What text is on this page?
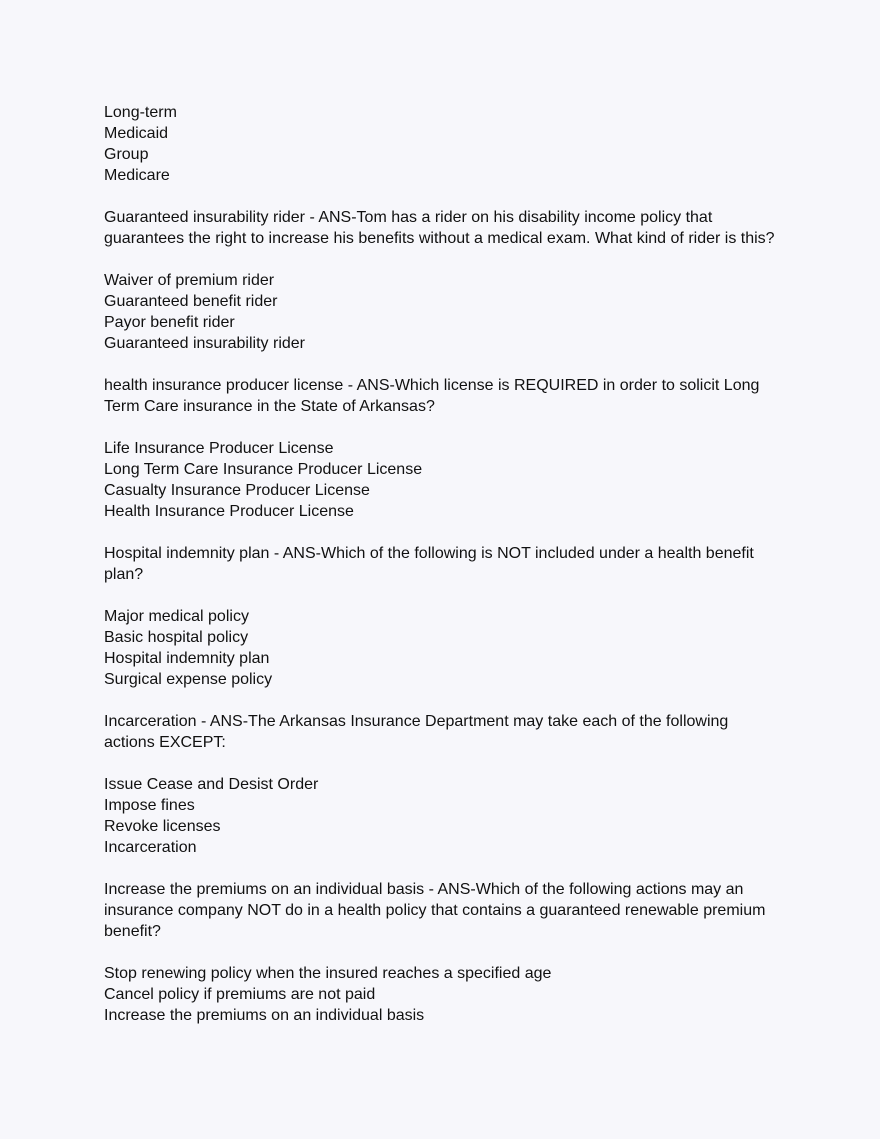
Long-term
Medicaid
Group
Medicare
Guaranteed insurability rider - ANS-Tom has a rider on his disability income policy that guarantees the right to increase his benefits without a medical exam. What kind of rider is this?
Waiver of premium rider
Guaranteed benefit rider
Payor benefit rider
Guaranteed insurability rider
health insurance producer license - ANS-Which license is REQUIRED in order to solicit Long Term Care insurance in the State of Arkansas?
Life Insurance Producer License
Long Term Care Insurance Producer License
Casualty Insurance Producer License
Health Insurance Producer License
Hospital indemnity plan - ANS-Which of the following is NOT included under a health benefit plan?
Major medical policy
Basic hospital policy
Hospital indemnity plan
Surgical expense policy
Incarceration - ANS-The Arkansas Insurance Department may take each of the following actions EXCEPT:
Issue Cease and Desist Order
Impose fines
Revoke licenses
Incarceration
Increase the premiums on an individual basis - ANS-Which of the following actions may an insurance company NOT do in a health policy that contains a guaranteed renewable premium benefit?
Stop renewing policy when the insured reaches a specified age
Cancel policy if premiums are not paid
Increase the premiums on an individual basis
